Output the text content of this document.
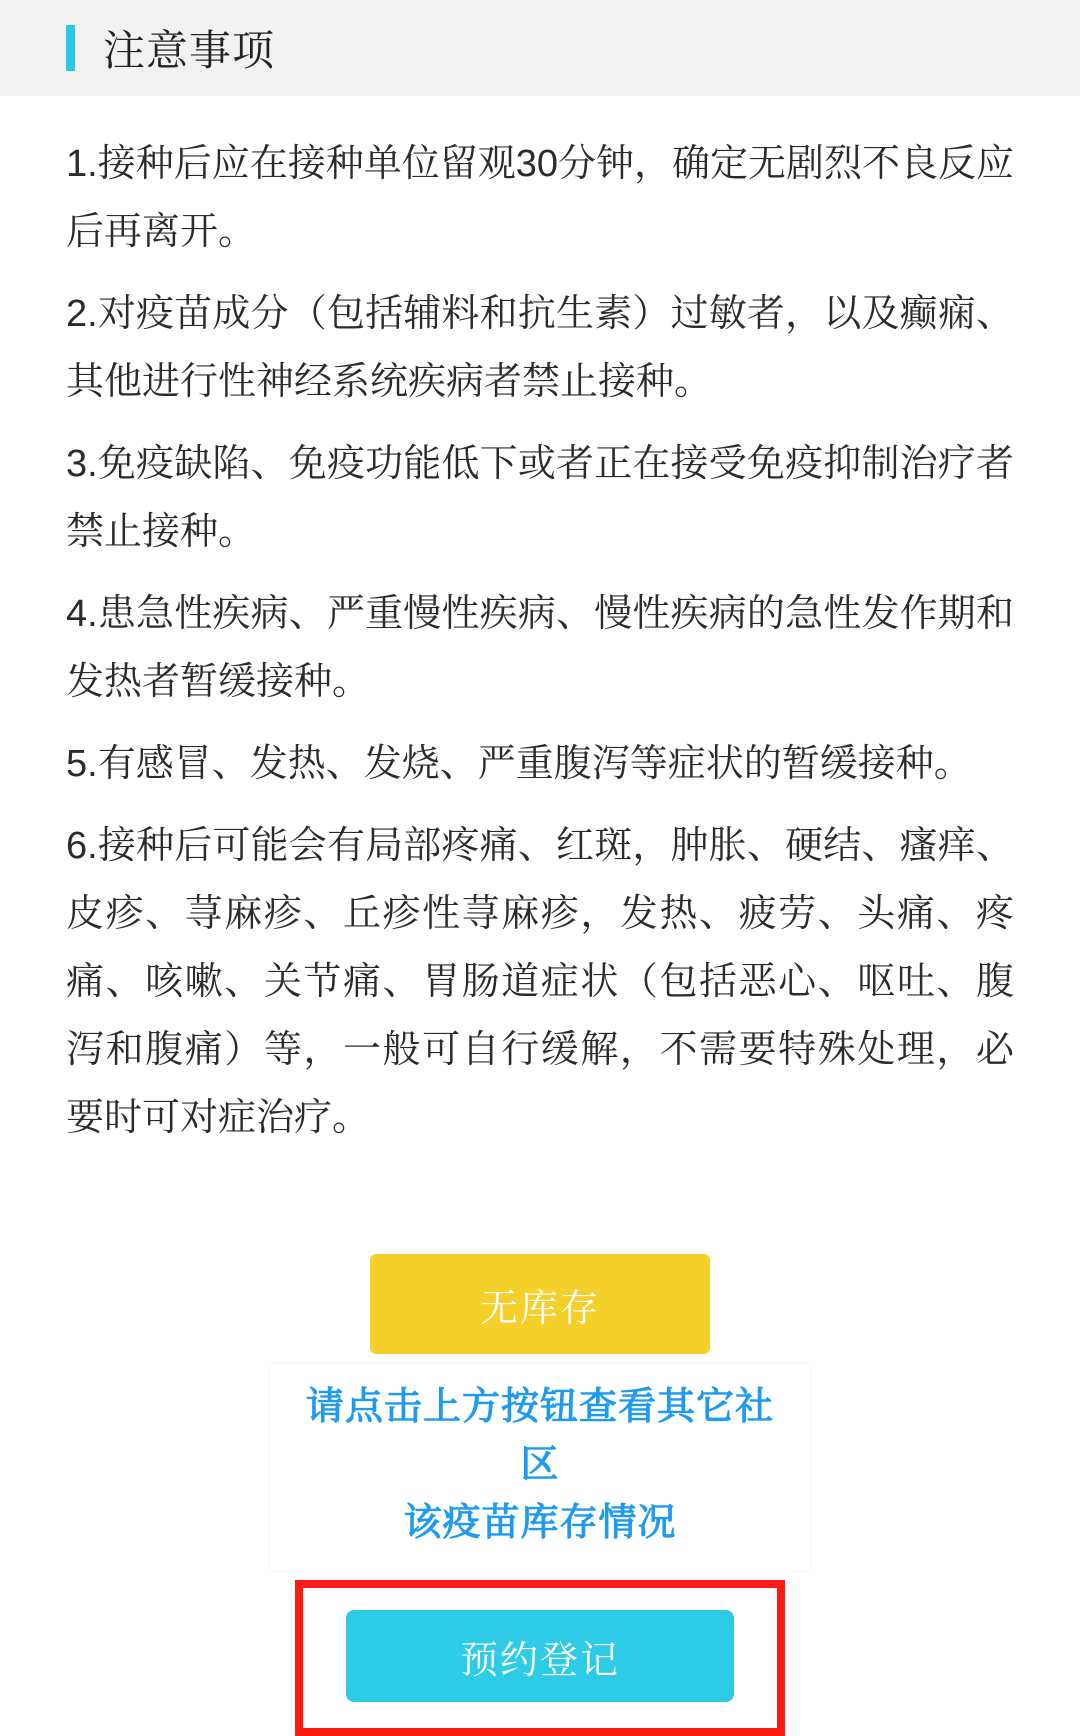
注意事项

1.接种后应在接种单位留观30分钟，确定无剧烈不良反应后再离开。

2.对疫苗成分（包括辅料和抗生素）过敏者，以及癫痫、其他进行性神经系统疾病者禁止接种。

3.免疫缺陷、免疫功能低下或者正在接受免疫抑制治疗者禁止接种。

4.患急性疾病、严重慢性疾病、慢性疾病的急性发作期和发热者暂缓接种。

5.有感冒、发热、发烧、严重腹泻等症状的暂缓接种。

6.接种后可能会有局部疼痛、红斑，肿胀、硬结、瘙痒、皮疹、荨麻疹、丘疹性荨麻疹，发热、疲劳、头痛、疼痛、咳嗽、关节痛、胃肠道症状（包括恶心、呕吐、腹泻和腹痛）等，一般可自行缓解，不需要特殊处理，必要时可对症治疗。

无库存
请点击上方按钮查看其它社区
该疫苗库存情况
预约登记
